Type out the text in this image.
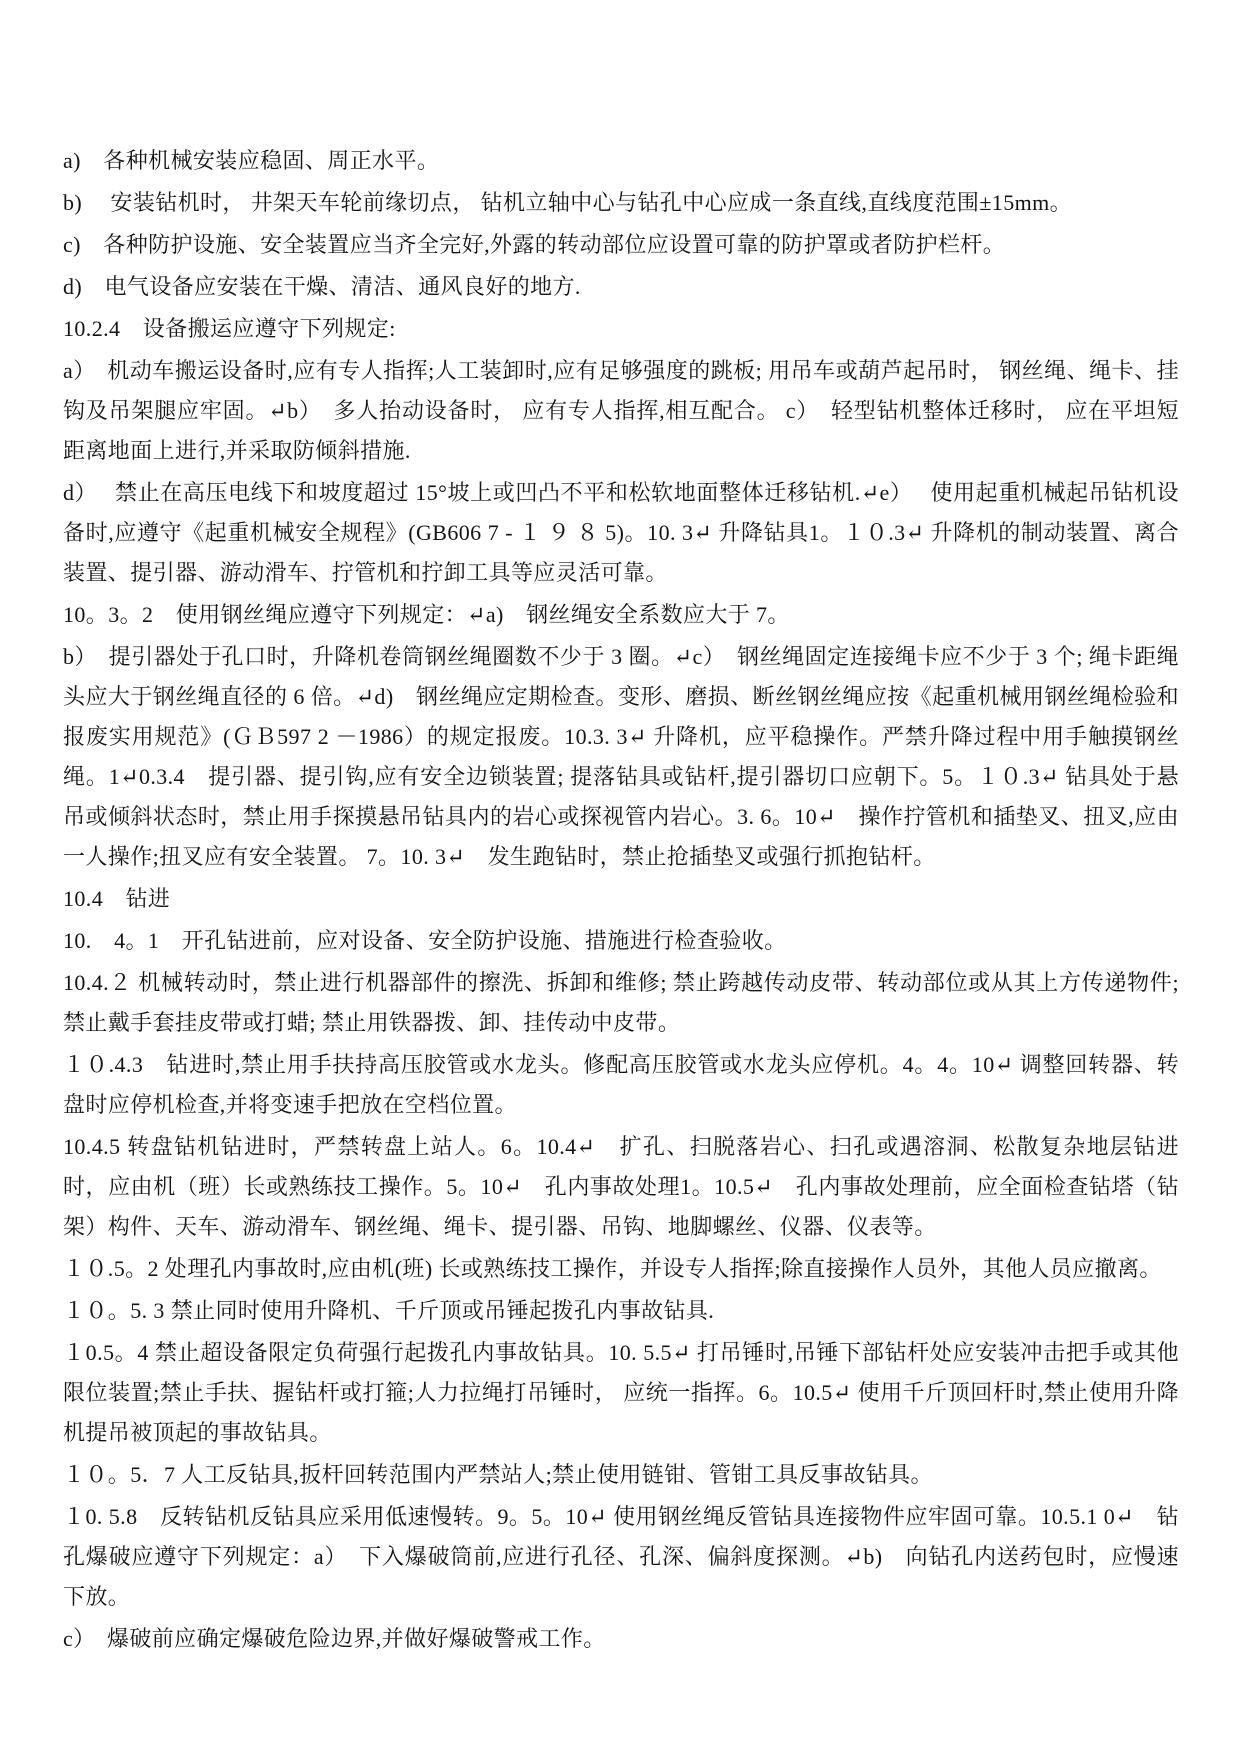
a)　各种机械安装应稳固、周正水平。

b)　 安装钻机时， 井架天车轮前缘切点， 钻机立轴中心与钻孔中心应成一条直线,直线度范围±15mm。

c)　各种防护设施、安全装置应当齐全完好,外露的转动部位应设置可靠的防护罩或者防护栏杆。

d)　电气设备应安装在干燥、清洁、通风良好的地方.

10.2.4　设备搬运应遵守下列规定:

a）　机动车搬运设备时,应有专人指挥;人工装卸时,应有足够强度的跳板; 用吊车或葫芦起吊时， 钢丝绳、绳卡、挂钩及吊架腿应牢固。↵b）　多人抬动设备时， 应有专人指挥,相互配合。 c）　轻型钻机整体迁移时， 应在平坦短距离地面上进行,并采取防倾斜措施.

d）　 禁止在高压电线下和坡度超过 15°坡上或凹凸不平和松软地面整体迁移钻机.↵e）　 使用起重机械起吊钻机设备时,应遵守《起重机械安全规程》(GB606 7 - １ ９ ８ 5)。10. 3↵ 升降钻具1。１０.3↵ 升降机的制动装置、离合装置、提引器、游动滑车、拧管机和拧卸工具等应灵活可靠。

10。3。2　使用钢丝绳应遵守下列规定：↵a)　钢丝绳安全系数应大于 7。

b）　提引器处于孔口时，升降机卷筒钢丝绳圈数不少于 3 圈。↵c）　钢丝绳固定连接绳卡应不少于 3 个; 绳卡距绳头应大于钢丝绳直径的 6 倍。↵d)　钢丝绳应定期检查。变形、磨损、断丝钢丝绳应按《起重机械用钢丝绳检验和报废实用规范》(ＧＢ597 2 －1986）的规定报废。10.3. 3↵ 升降机，应平稳操作。严禁升降过程中用手触摸钢丝绳。1↵0.3.4　提引器、提引钩,应有安全边锁装置; 提落钻具或钻杆,提引器切口应朝下。5。１０.3↵ 钻具处于悬吊或倾斜状态时，禁止用手探摸悬吊钻具内的岩心或探视管内岩心。3. 6。10↵　操作拧管机和插垫叉、扭叉,应由一人操作;扭叉应有安全装置。 7。10. 3↵　发生跑钻时，禁止抢插垫叉或强行抓抱钻杆。

10.4　钻进

10.　4。1　开孔钻进前，应对设备、安全防护设施、措施进行检查验收。

10.4.２ 机械转动时，禁止进行机器部件的擦洗、拆卸和维修; 禁止跨越传动皮带、转动部位或从其上方传递物件; 禁止戴手套挂皮带或打蜡; 禁止用铁器拨、卸、挂传动中皮带。

１０.4.3　钻进时,禁止用手扶持高压胶管或水龙头。修配高压胶管或水龙头应停机。4。4。10↵ 调整回转器、转盘时应停机检查,并将变速手把放在空档位置。

10.4.5 转盘钻机钻进时，严禁转盘上站人。6。10.4↵　扩孔、扫脱落岩心、扫孔或遇溶洞、松散复杂地层钻进时，应由机（班）长或熟练技工操作。5。10↵　孔内事故处理1。10.5↵　孔内事故处理前，应全面检查钻塔（钻架）构件、天车、游动滑车、钢丝绳、绳卡、提引器、吊钩、地脚螺丝、仪器、仪表等。

１０.5。2 处理孔内事故时,应由机(班) 长或熟练技工操作，并设专人指挥;除直接操作人员外，其他人员应撤离。

１０。5. 3 禁止同时使用升降机、千斤顶或吊锤起拨孔内事故钻具.

１0.5。4 禁止超设备限定负荷强行起拨孔内事故钻具。10. 5.5↵ 打吊锤时,吊锤下部钻杆处应安装冲击把手或其他限位装置;禁止手扶、握钻杆或打箍;人力拉绳打吊锤时， 应统一指挥。6。10.5↵ 使用千斤顶回杆时,禁止使用升降机提吊被顶起的事故钻具。

１０。5．7 人工反钻具,扳杆回转范围内严禁站人;禁止使用链钳、管钳工具反事故钻具。

１0. 5.8　反转钻机反钻具应采用低速慢转。9。5。10↵ 使用钢丝绳反管钻具连接物件应牢固可靠。10.5.1 0↵　钻孔爆破应遵守下列规定：a）　下入爆破筒前,应进行孔径、孔深、偏斜度探测。↵b)　向钻孔内送药包时，应慢速下放。

c）　爆破前应确定爆破危险边界,并做好爆破警戒工作。
